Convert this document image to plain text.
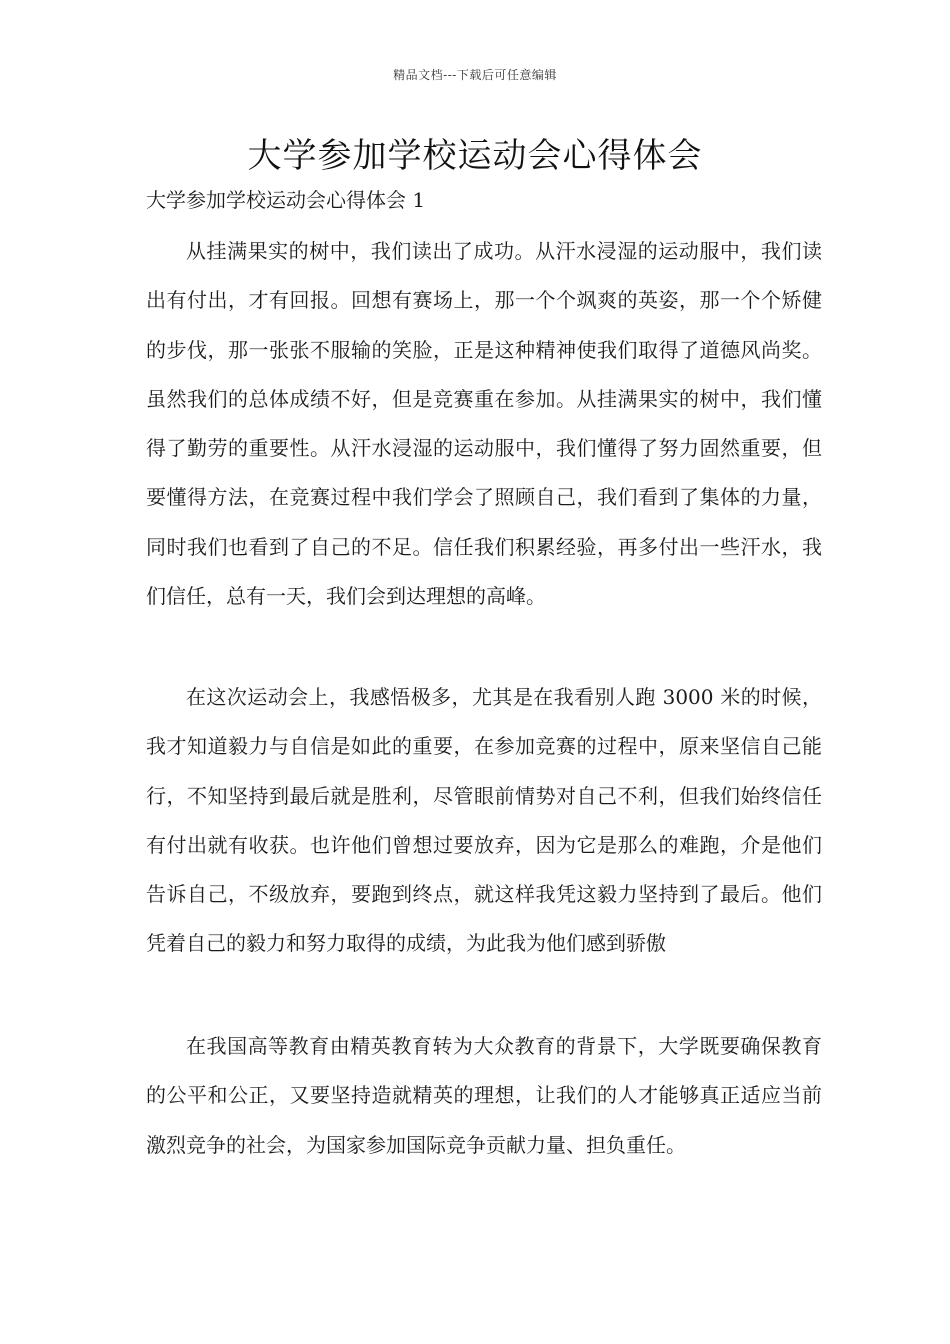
精品文档---下载后可任意编辑
大学参加学校运动会心得体会
大学参加学校运动会心得体会 1

从挂满果实的树中，我们读出了成功。从汗水浸湿的运动服中，我们读出有付出，才有回报。回想有赛场上，那一个个飒爽的英姿，那一个个矫健的步伐，那一张张不服输的笑脸，正是这种精神使我们取得了道德风尚奖。虽然我们的总体成绩不好，但是竞赛重在参加。从挂满果实的树中，我们懂得了勤劳的重要性。从汗水浸湿的运动服中，我们懂得了努力固然重要，但要懂得方法，在竞赛过程中我们学会了照顾自己，我们看到了集体的力量，同时我们也看到了自己的不足。信任我们积累经验，再多付出一些汗水，我们信任，总有一天，我们会到达理想的高峰。

在这次运动会上，我感悟极多，尤其是在我看别人跑 3000 米的时候，我才知道毅力与自信是如此的重要，在参加竞赛的过程中，原来坚信自己能行，不知坚持到最后就是胜利，尽管眼前情势对自己不利，但我们始终信任有付出就有收获。也许他们曾想过要放弃，因为它是那么的难跑，介是他们告诉自己，不级放弃，要跑到终点，就这样我凭这毅力坚持到了最后。他们凭着自己的毅力和努力取得的成绩，为此我为他们感到骄傲

在我国高等教育由精英教育转为大众教育的背景下，大学既要确保教育的公平和公正，又要坚持造就精英的理想，让我们的人才能够真正适应当前激烈竞争的社会，为国家参加国际竞争贡献力量、担负重任。
